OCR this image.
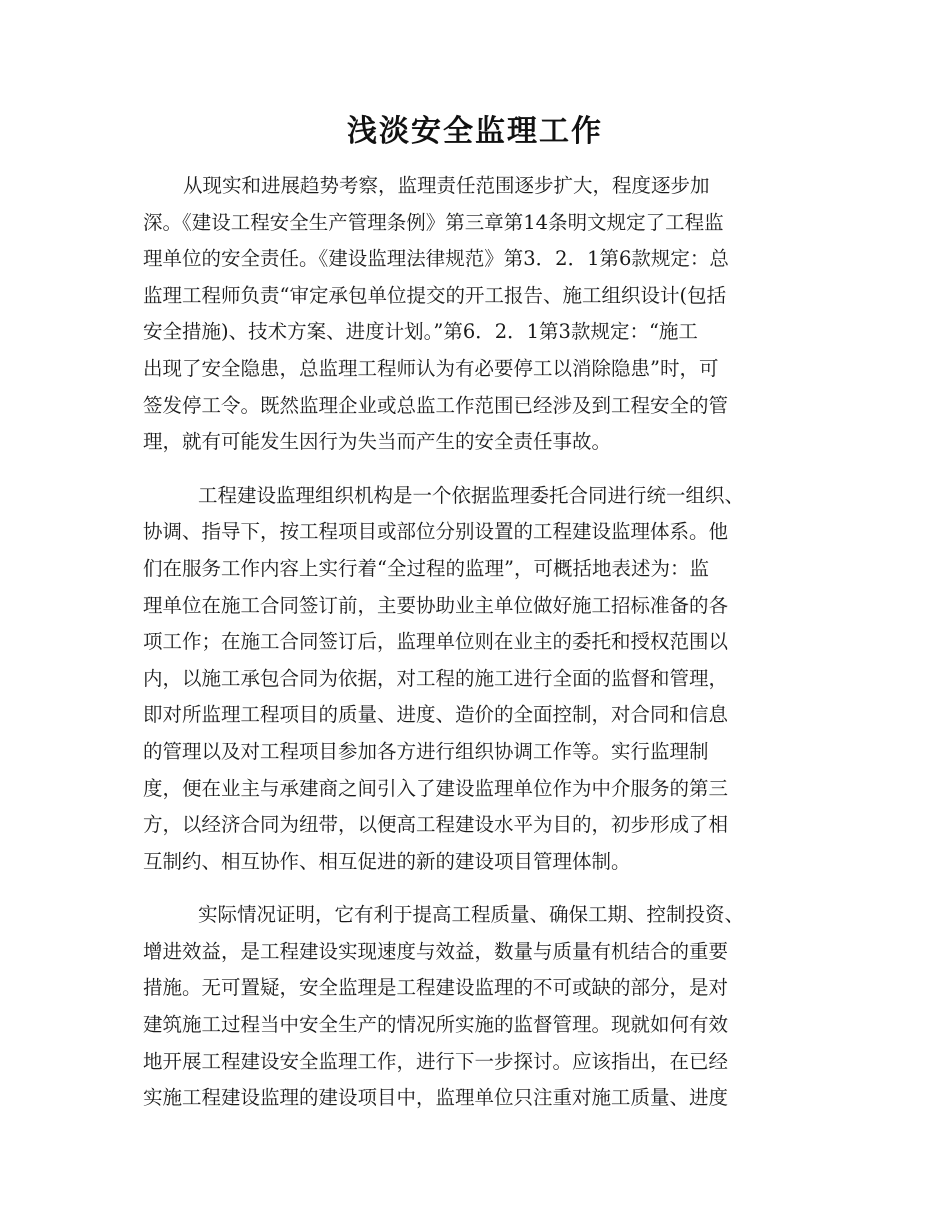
浅淡安全监理工作
从现实和进展趋势考察，监理责任范围逐步扩大，程度逐步加
深。《建设工程安全生产管理条例》第三章第14条明文规定了工程监
理单位的安全责任。《建设监理法律规范》第3．2．1第6款规定：总
监理工程师负责“审定承包单位提交的开工报告、施工组织设计(包括
安全措施)、技术方案、进度计划。”第6．2．1第3款规定：“施工
出现了安全隐患，总监理工程师认为有必要停工以消除隐患”时，可
签发停工令。既然监理企业或总监工作范围已经涉及到工程安全的管
理，就有可能发生因行为失当而产生的安全责任事故。
工程建设监理组织机构是一个依据监理委托合同进行统一组织、
协调、指导下，按工程项目或部位分别设置的工程建设监理体系。他
们在服务工作内容上实行着“全过程的监理”，可概括地表述为：监
理单位在施工合同签订前，主要协助业主单位做好施工招标准备的各
项工作；在施工合同签订后，监理单位则在业主的委托和授权范围以
内，以施工承包合同为依据，对工程的施工进行全面的监督和管理，
即对所监理工程项目的质量、进度、造价的全面控制，对合同和信息
的管理以及对工程项目参加各方进行组织协调工作等。实行监理制
度，便在业主与承建商之间引入了建设监理单位作为中介服务的第三
方，以经济合同为纽带，以便高工程建设水平为目的，初步形成了相
互制约、相互协作、相互促进的新的建设项目管理体制。
实际情况证明，它有利于提高工程质量、确保工期、控制投资、
增进效益，是工程建设实现速度与效益，数量与质量有机结合的重要
措施。无可置疑，安全监理是工程建设监理的不可或缺的部分，是对
建筑施工过程当中安全生产的情况所实施的监督管理。现就如何有效
地开展工程建设安全监理工作，进行下一步探讨。应该指出，在已经
实施工程建设监理的建设项目中，监理单位只注重对施工质量、进度
